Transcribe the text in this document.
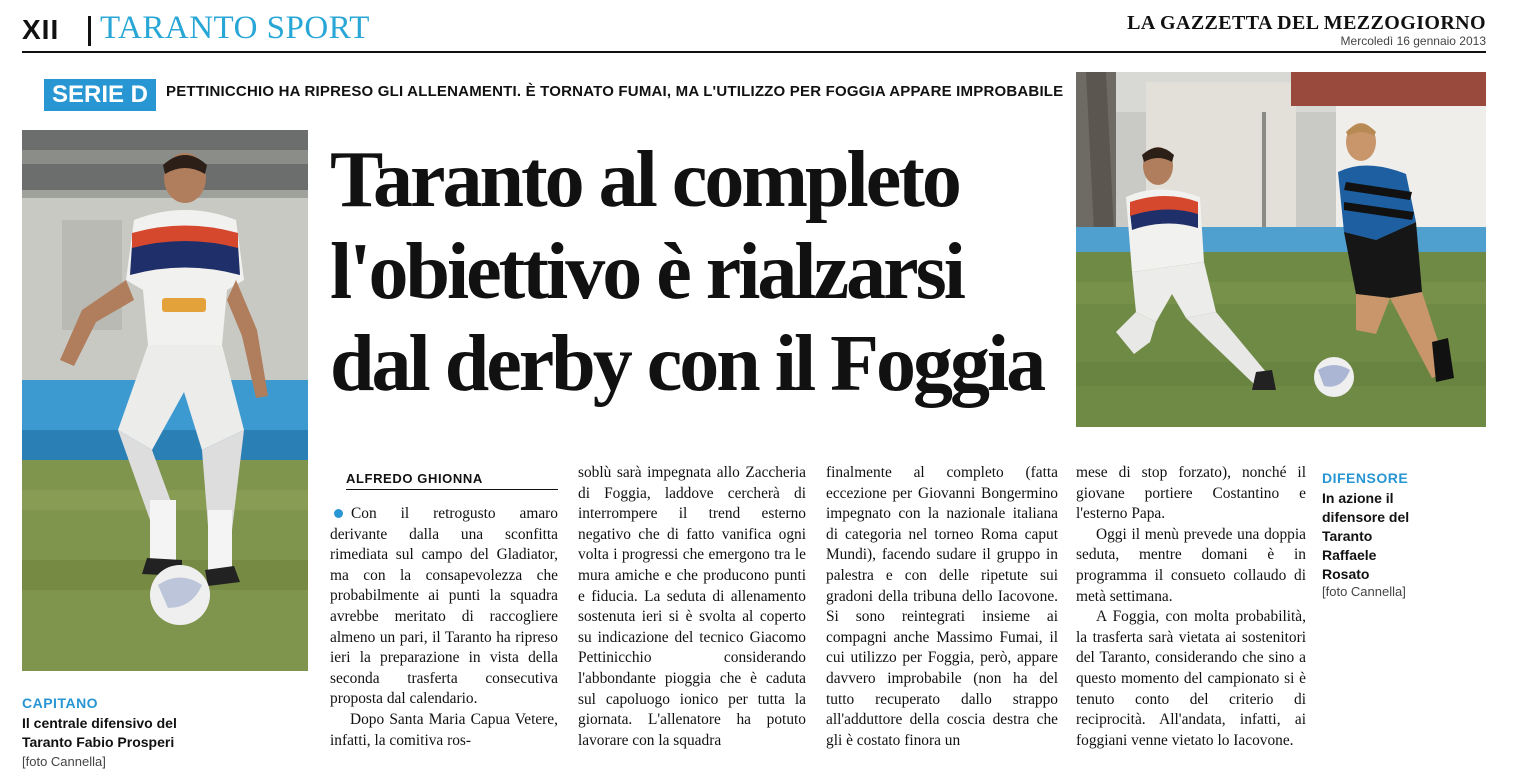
XII TARANTO SPORT	LA GAZZETTA DEL MEZZOGIORNO
Mercoledì 16 gennaio 2013
SERIE D	PETTINICCHIO HA RIPRESO GLI ALLENAMENTI. È TORNATO FUMAI, MA L'UTILIZZO PER FOGGIA APPARE IMPROBABILE
Taranto al completo
l'obiettivo è rialzarsi
dal derby con il Foggia
CAPITANO
Il centrale difensivo del
Taranto Fabio Prosperi
[foto Cannella]
DIFENSORE
In azione il
difensore del
Taranto
Raffaele
Rosato
[foto Cannella]
ALFREDO GHIONNA

Con il retrogusto amaro derivante dalla una sconfitta rimediata sul campo del Gladiator, ma con la consapevolezza che probabilmente ai punti la squadra avrebbe meritato di raccogliere almeno un pari, il Taranto ha ripreso ieri la preparazione in vista della seconda trasferta consecutiva proposta dal calendario.

Dopo Santa Maria Capua Vetere, infatti, la comitiva ros-

soblù sarà impegnata allo Zaccheria di Foggia, laddove cercherà di interrompere il trend esterno negativo che di fatto vanifica ogni volta i progressi che emergono tra le mura amiche e che producono punti e fiducia. La seduta di allenamento sostenuta ieri si è svolta al coperto su indicazione del tecnico Giacomo Pettinicchio considerando l'abbondante pioggia che è caduta sul capoluogo ionico per tutta la giornata. L'allenatore ha potuto lavorare con la squadra

finalmente al completo (fatta eccezione per Giovanni Bongermino impegnato con la nazionale italiana di categoria nel torneo Roma caput Mundi), facendo sudare il gruppo in palestra e con delle ripetute sui gradoni della tribuna dello Iacovone. Si sono reintegrati insieme ai compagni anche Massimo Fumai, il cui utilizzo per Foggia, però, appare davvero improbabile (non ha del tutto recuperato dallo strappo all'adduttore della coscia destra che gli è costato finora un

mese di stop forzato), nonché il giovane portiere Costantino e l'esterno Papa.

Oggi il menù prevede una doppia seduta, mentre domani è in programma il consueto collaudo di metà settimana.

A Foggia, con molta probabilità, la trasferta sarà vietata ai sostenitori del Taranto, considerando che sino a questo momento del campionato si è tenuto conto del criterio di reciprocità. All'andata, infatti, ai foggiani venne vietato lo Iacovone.
